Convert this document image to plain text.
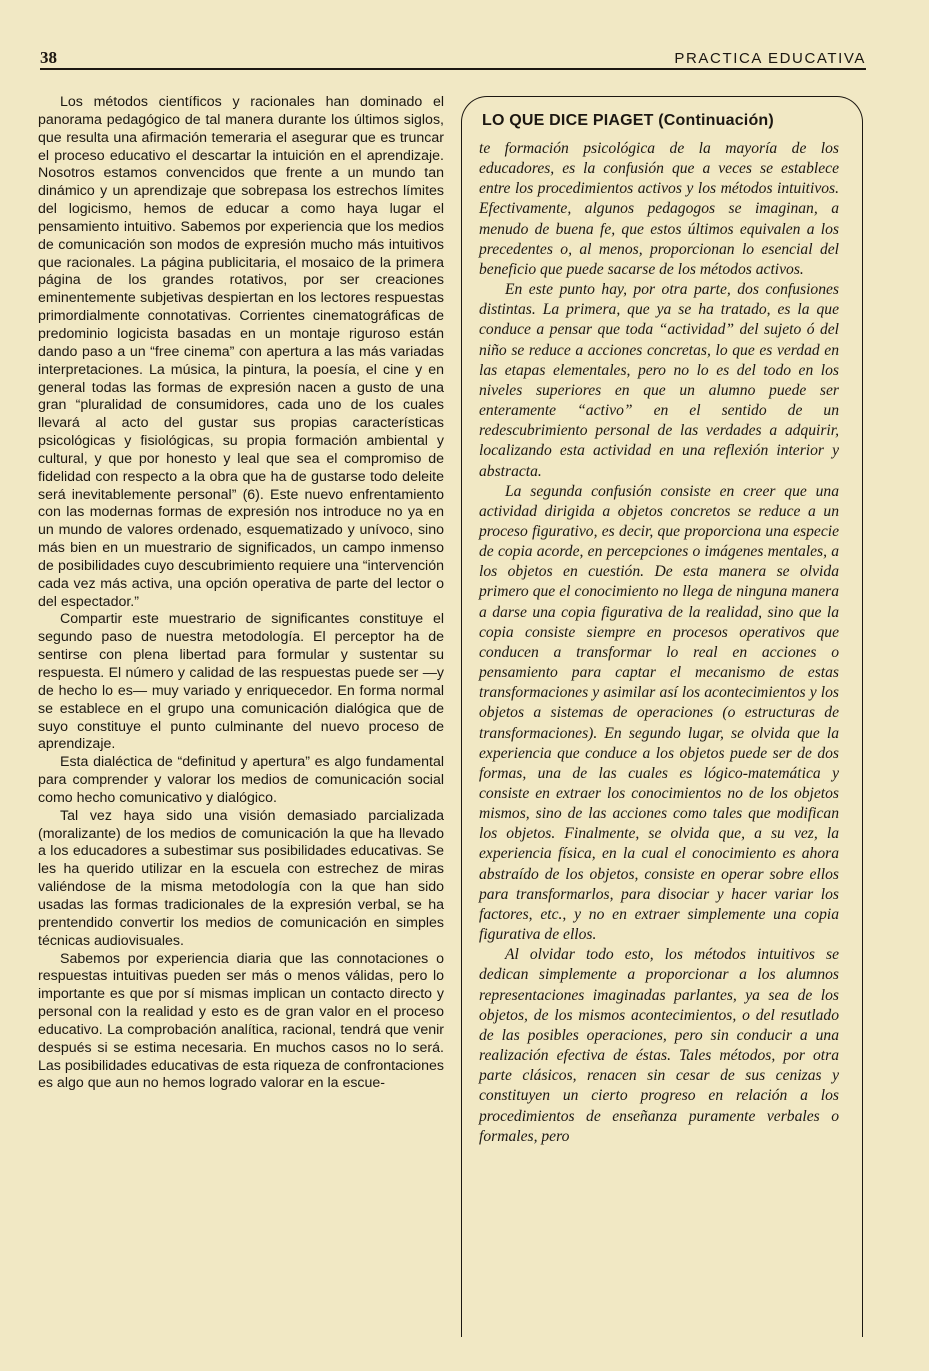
38	PRACTICA EDUCATIVA

Los métodos científicos y racionales han dominado el panorama pedagógico de tal manera durante los últimos siglos, que resulta una afirmación temeraria el asegurar que es truncar el proceso educativo el descartar la intuición en el aprendizaje. Nosotros estamos convencidos que frente a un mundo tan dinámico y un aprendizaje que sobrepasa los estrechos límites del logicismo, hemos de educar a como haya lugar el pensamiento intuitivo. Sabemos por experiencia que los medios de comunicación son modos de expresión mucho más intuitivos que racionales. La página publicitaria, el mosaico de la primera página de los grandes rotativos, por ser creaciones eminentemente subjetivas despiertan en los lectores respuestas primordialmente connotativas. Corrientes cinematográficas de predominio logicista basadas en un montaje riguroso están dando paso a un “free cinema” con apertura a las más variadas interpretaciones. La música, la pintura, la poesía, el cine y en general todas las formas de expresión nacen a gusto de una gran “pluralidad de consumidores, cada uno de los cuales llevará al acto del gustar sus propias características psicológicas y fisiológicas, su propia formación ambiental y cultural, y que por honesto y leal que sea el compromiso de fidelidad con respecto a la obra que ha de gustarse todo deleite será inevitablemente personal” (6). Este nuevo enfrentamiento con las modernas formas de expresión nos introduce no ya en un mundo de valores ordenado, esquematizado y unívoco, sino más bien en un muestrario de significados, un campo inmenso de posibilidades cuyo descubrimiento requiere una “intervención cada vez más activa, una opción operativa de parte del lector o del espectador.”

Compartir este muestrario de significantes constituye el segundo paso de nuestra metodología. El perceptor ha de sentirse con plena libertad para formular y sustentar su respuesta. El número y calidad de las respuestas puede ser —y de hecho lo es— muy variado y enriquecedor. En forma normal se establece en el grupo una comunicación dialógica que de suyo constituye el punto culminante del nuevo proceso de aprendizaje.

Esta dialéctica de “definitud y apertura” es algo fundamental para comprender y valorar los medios de comunicación social como hecho comunicativo y dialógico.

Tal vez haya sido una visión demasiado parcializada (moralizante) de los medios de comunicación la que ha llevado a los educadores a subestimar sus posibilidades educativas. Se les ha querido utilizar en la escuela con estrechez de miras valiéndose de la misma metodología con la que han sido usadas las formas tradicionales de la expresión verbal, se ha prentendido convertir los medios de comunicación en simples técnicas audiovisuales.

Sabemos por experiencia diaria que las connotaciones o respuestas intuitivas pueden ser más o menos válidas, pero lo importante es que por sí mismas implican un contacto directo y personal con la realidad y esto es de gran valor en el proceso educativo. La comprobación analítica, racional, tendrá que venir después si se estima necesaria. En muchos casos no lo será. Las posibilidades educativas de esta riqueza de confrontaciones es algo que aun no hemos logrado valorar en la escue-

LO QUE DICE PIAGET (Continuación)

te formación psicológica de la mayoría de los educadores, es la confusión que a veces se establece entre los procedimientos activos y los métodos intuitivos. Efectivamente, algunos pedagogos se imaginan, a menudo de buena fe, que estos últimos equivalen a los precedentes o, al menos, proporcionan lo esencial del beneficio que puede sacarse de los métodos activos.

En este punto hay, por otra parte, dos confusiones distintas. La primera, que ya se ha tratado, es la que conduce a pensar que toda “actividad” del sujeto ó del niño se reduce a acciones concretas, lo que es verdad en las etapas elementales, pero no lo es del todo en los niveles superiores en que un alumno puede ser enteramente “activo” en el sentido de un redescubrimiento personal de las verdades a adquirir, localizando esta actividad en una reflexión interior y abstracta.

La segunda confusión consiste en creer que una actividad dirigida a objetos concretos se reduce a un proceso figurativo, es decir, que proporciona una especie de copia acorde, en percepciones o imágenes mentales, a los objetos en cuestión. De esta manera se olvida primero que el conocimiento no llega de ninguna manera a darse una copia figurativa de la realidad, sino que la copia consiste siempre en procesos operativos que conducen a transformar lo real en acciones o pensamiento para captar el mecanismo de estas transformaciones y asimilar así los acontecimientos y los objetos a sistemas de operaciones (o estructuras de transformaciones). En segundo lugar, se olvida que la experiencia que conduce a los objetos puede ser de dos formas, una de las cuales es lógico-matemática y consiste en extraer los conocimientos no de los objetos mismos, sino de las acciones como tales que modifican los objetos. Finalmente, se olvida que, a su vez, la experiencia física, en la cual el conocimiento es ahora abstraído de los objetos, consiste en operar sobre ellos para transformarlos, para disociar y hacer variar los factores, etc., y no en extraer simplemente una copia figurativa de ellos.

Al olvidar todo esto, los métodos intuitivos se dedican simplemente a proporcionar a los alumnos representaciones imaginadas parlantes, ya sea de los objetos, de los mismos acontecimientos, o del resutlado de las posibles operaciones, pero sin conducir a una realización efectiva de éstas. Tales métodos, por otra parte clásicos, renacen sin cesar de sus cenizas y constituyen un cierto progreso en relación a los procedimientos de enseñanza puramente verbales o formales, pero
